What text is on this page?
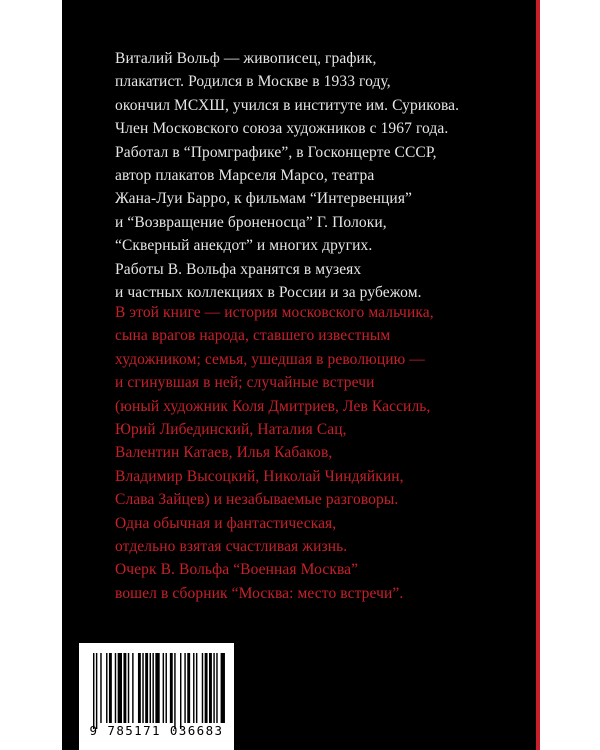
Виталий Вольф — живописец, график,
плакатист. Родился в Москве в 1933 году,
окончил МСХШ, учился в институте им. Сурикова.
Член Московского союза художников с 1967 года.
Работал в “Промграфике”, в Госконцерте СССР,
автор плакатов Марселя Марсо, театра
Жана-Луи Барро, к фильмам “Интервенция”
и “Возвращение броненосца” Г. Полоки,
“Скверный анекдот” и многих других.
Работы В. Вольфа хранятся в музеях
и частных коллекциях в России и за рубежом.
В этой книге — история московского мальчика,
сына врагов народа, ставшего известным
художником; семья, ушедшая в революцию —
и сгинувшая в ней; случайные встречи
(юный художник Коля Дмитриев, Лев Кассиль,
Юрий Либединский, Наталия Сац,
Валентин Катаев, Илья Кабаков,
Владимир Высоцкий, Николай Чиндяйкин,
Слава Зайцев) и незабываемые разговоры.
Одна обычная и фантастическая,
отдельно взятая счастливая жизнь.
Очерк В. Вольфа “Военная Москва”
вошел в сборник “Москва: место встречи”.
9 785171 036683
